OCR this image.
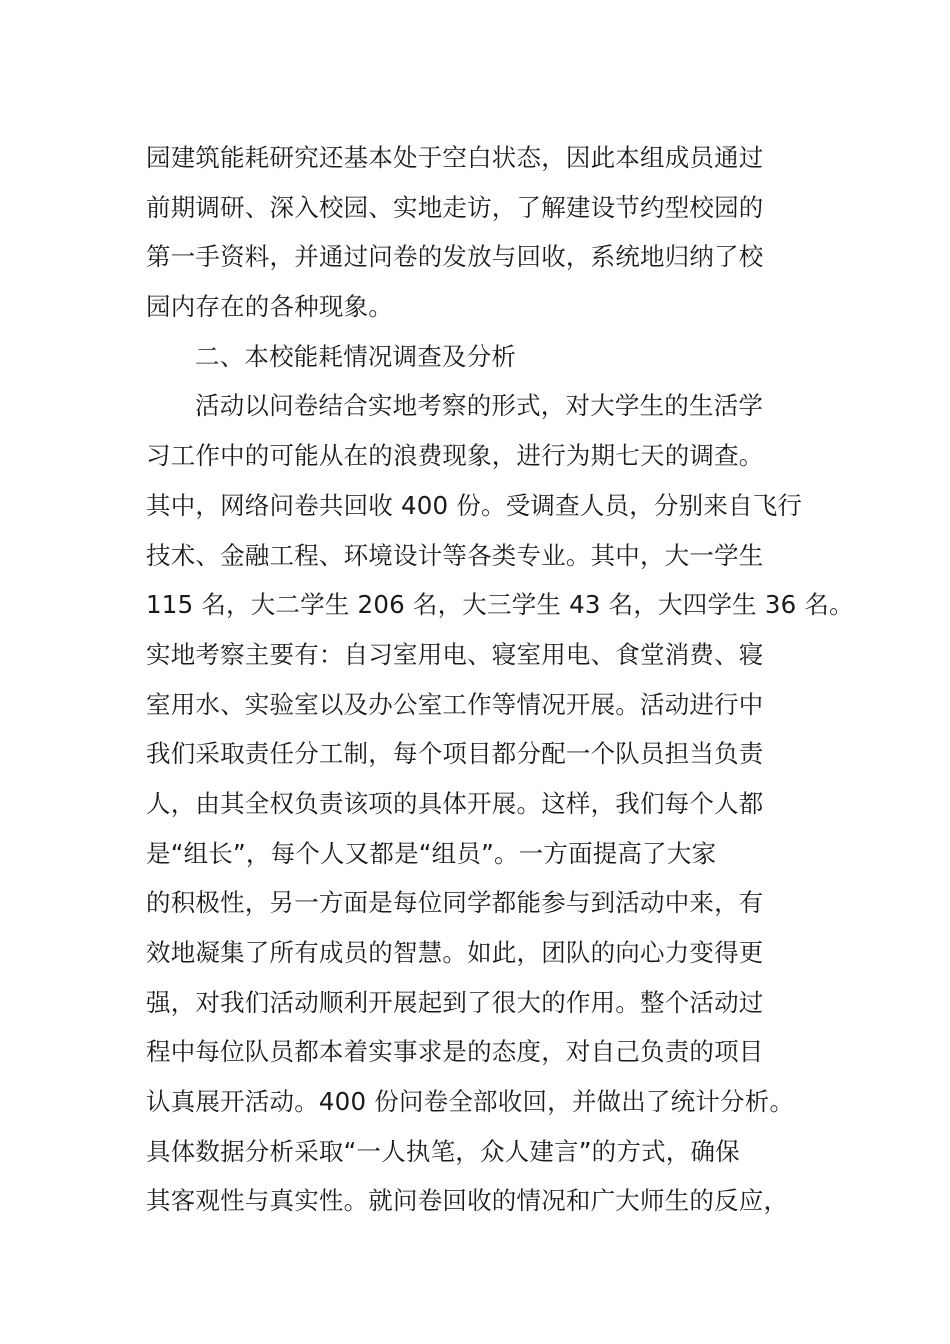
园建筑能耗研究还基本处于空白状态，因此本组成员通过
前期调研、深入校园、实地走访，了解建设节约型校园的
第一手资料，并通过问卷的发放与回收，系统地归纳了校
园内存在的各种现象。
二、本校能耗情况调查及分析
活动以问卷结合实地考察的形式，对大学生的生活学
习工作中的可能从在的浪费现象，进行为期七天的调查。
其中，网络问卷共回收 400 份。受调查人员，分别来自飞行
技术、金融工程、环境设计等各类专业。其中，大一学生
115 名，大二学生 206 名，大三学生 43 名，大四学生 36 名。
实地考察主要有：自习室用电、寝室用电、食堂消费、寝
室用水、实验室以及办公室工作等情况开展。活动进行中
我们采取责任分工制，每个项目都分配一个队员担当负责
人，由其全权负责该项的具体开展。这样，我们每个人都
是“组长”，每个人又都是“组员”。一方面提高了大家
的积极性，另一方面是每位同学都能参与到活动中来，有
效地凝集了所有成员的智慧。如此，团队的向心力变得更
强，对我们活动顺利开展起到了很大的作用。整个活动过
程中每位队员都本着实事求是的态度，对自己负责的项目
认真展开活动。400 份问卷全部收回，并做出了统计分析。
具体数据分析采取“一人执笔，众人建言”的方式，确保
其客观性与真实性。就问卷回收的情况和广大师生的反应，
